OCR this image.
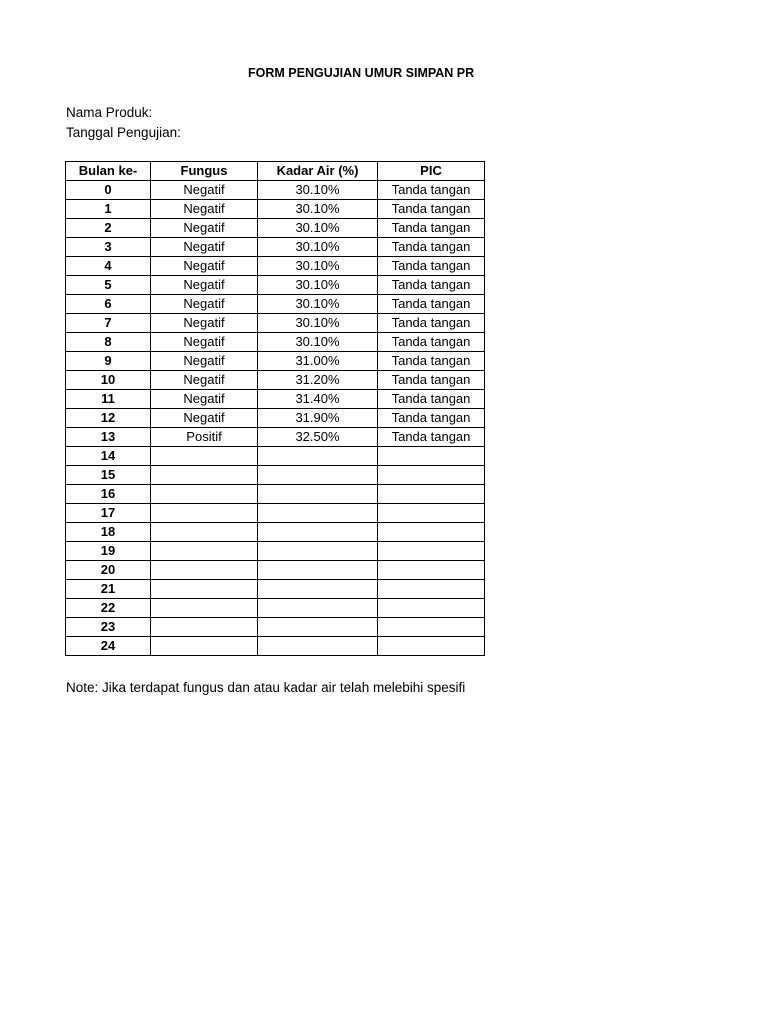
FORM PENGUJIAN UMUR SIMPAN PR
Nama Produk:
Tanggal Pengujian:
Bulan ke-	Fungus	Kadar Air (%)	PIC
0	Negatif	30.10%	Tanda tangan
1	Negatif	30.10%	Tanda tangan
2	Negatif	30.10%	Tanda tangan
3	Negatif	30.10%	Tanda tangan
4	Negatif	30.10%	Tanda tangan
5	Negatif	30.10%	Tanda tangan
6	Negatif	30.10%	Tanda tangan
7	Negatif	30.10%	Tanda tangan
8	Negatif	30.10%	Tanda tangan
9	Negatif	31.00%	Tanda tangan
10	Negatif	31.20%	Tanda tangan
11	Negatif	31.40%	Tanda tangan
12	Negatif	31.90%	Tanda tangan
13	Positif	32.50%	Tanda tangan
14			
15			
16			
17			
18			
19			
20			
21			
22			
23			
24			
Note: Jika terdapat fungus dan atau kadar air telah melebihi spesifi
